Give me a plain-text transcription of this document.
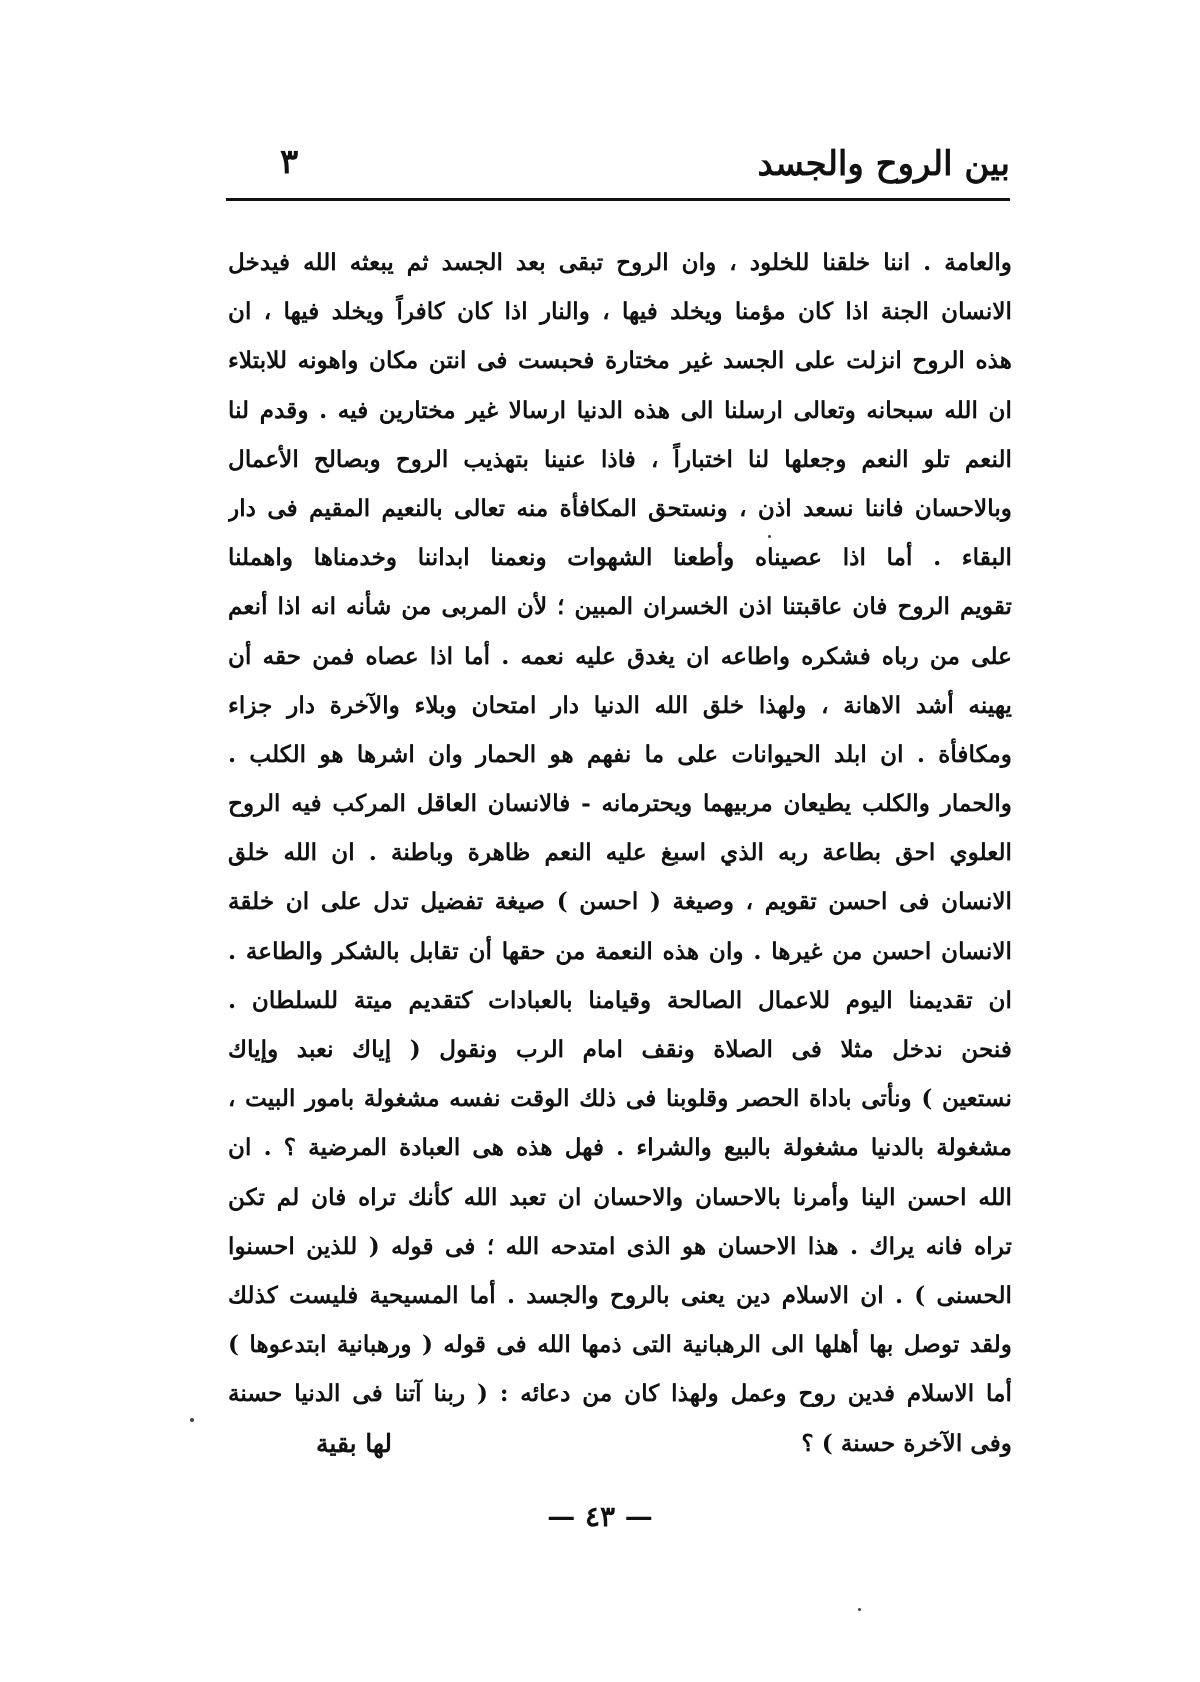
بين الروح والجسد
٣
والعامة . اننا خلقنا للخلود ، وان الروح تبقى بعد الجسد ثم يبعثه الله فيدخل
الانسان الجنة اذا كان مؤمنا ويخلد فيها ، والنار اذا كان كافراً ويخلد فيها ، ان
هذه الروح انزلت على الجسد غير مختارة فحبست فى انتن مكان واهونه للابتلاء
ان الله سبحانه وتعالى ارسلنا الى هذه الدنيا ارسالا غير مختارين فيه . وقدم لنا
النعم تلو النعم وجعلها لنا اختباراً ، فاذا عنينا بتهذيب الروح وبصالح الأعمال
وبالاحسان فاننا نسعد اذن ، ونستحق المكافأة منه تعالى بالنعيم المقيم فى دار
البقاء . أما اذا عصيناه وأطعنا الشهوات ونعمنا ابداننا وخدمناها واهملنا
تقويم الروح فان عاقبتنا اذن الخسران المبين ؛ لأن المربى من شأنه انه اذا أنعم
على من رباه فشكره واطاعه ان يغدق عليه نعمه . أما اذا عصاه فمن حقه أن
يهينه أشد الاهانة ، ولهذا خلق الله الدنيا دار امتحان وبلاء والآخرة دار جزاء
ومكافأة . ان ابلد الحيوانات على ما نفهم هو الحمار وان اشرها هو الكلب .
والحمار والكلب يطيعان مربيهما ويحترمانه - فالانسان العاقل المركب فيه الروح
العلوي احق بطاعة ربه الذي اسبغ عليه النعم ظاهرة وباطنة . ان الله خلق
الانسان فى احسن تقويم ، وصيغة ( احسن ) صيغة تفضيل تدل على ان خلقة
الانسان احسن من غيرها . وان هذه النعمة من حقها أن تقابل بالشكر والطاعة .
ان تقديمنا اليوم للاعمال الصالحة وقيامنا بالعبادات كتقديم ميتة للسلطان .
فنحن ندخل مثلا فى الصلاة ونقف امام الرب ونقول ( إياك نعبد وإياك
نستعين ) ونأتى باداة الحصر وقلوبنا فى ذلك الوقت نفسه مشغولة بامور البيت ،
مشغولة بالدنيا مشغولة بالبيع والشراء . فهل هذه هى العبادة المرضية ؟ . ان
الله احسن الينا وأمرنا بالاحسان والاحسان ان تعبد الله كأنك تراه فان لم تكن
تراه فانه يراك . هذا الاحسان هو الذى امتدحه الله ؛ فى قوله ( للذين احسنوا
الحسنى ) . ان الاسلام دين يعنى بالروح والجسد . أما المسيحية فليست كذلك
ولقد توصل بها أهلها الى الرهبانية التى ذمها الله فى قوله ( ورهبانية ابتدعوها )
أما الاسلام فدين روح وعمل ولهذا كان من دعائه : ( ربنا آتنا فى الدنيا حسنة
وفى الآخرة حسنة ) ؟
لها بقية
— ٤٣ —
